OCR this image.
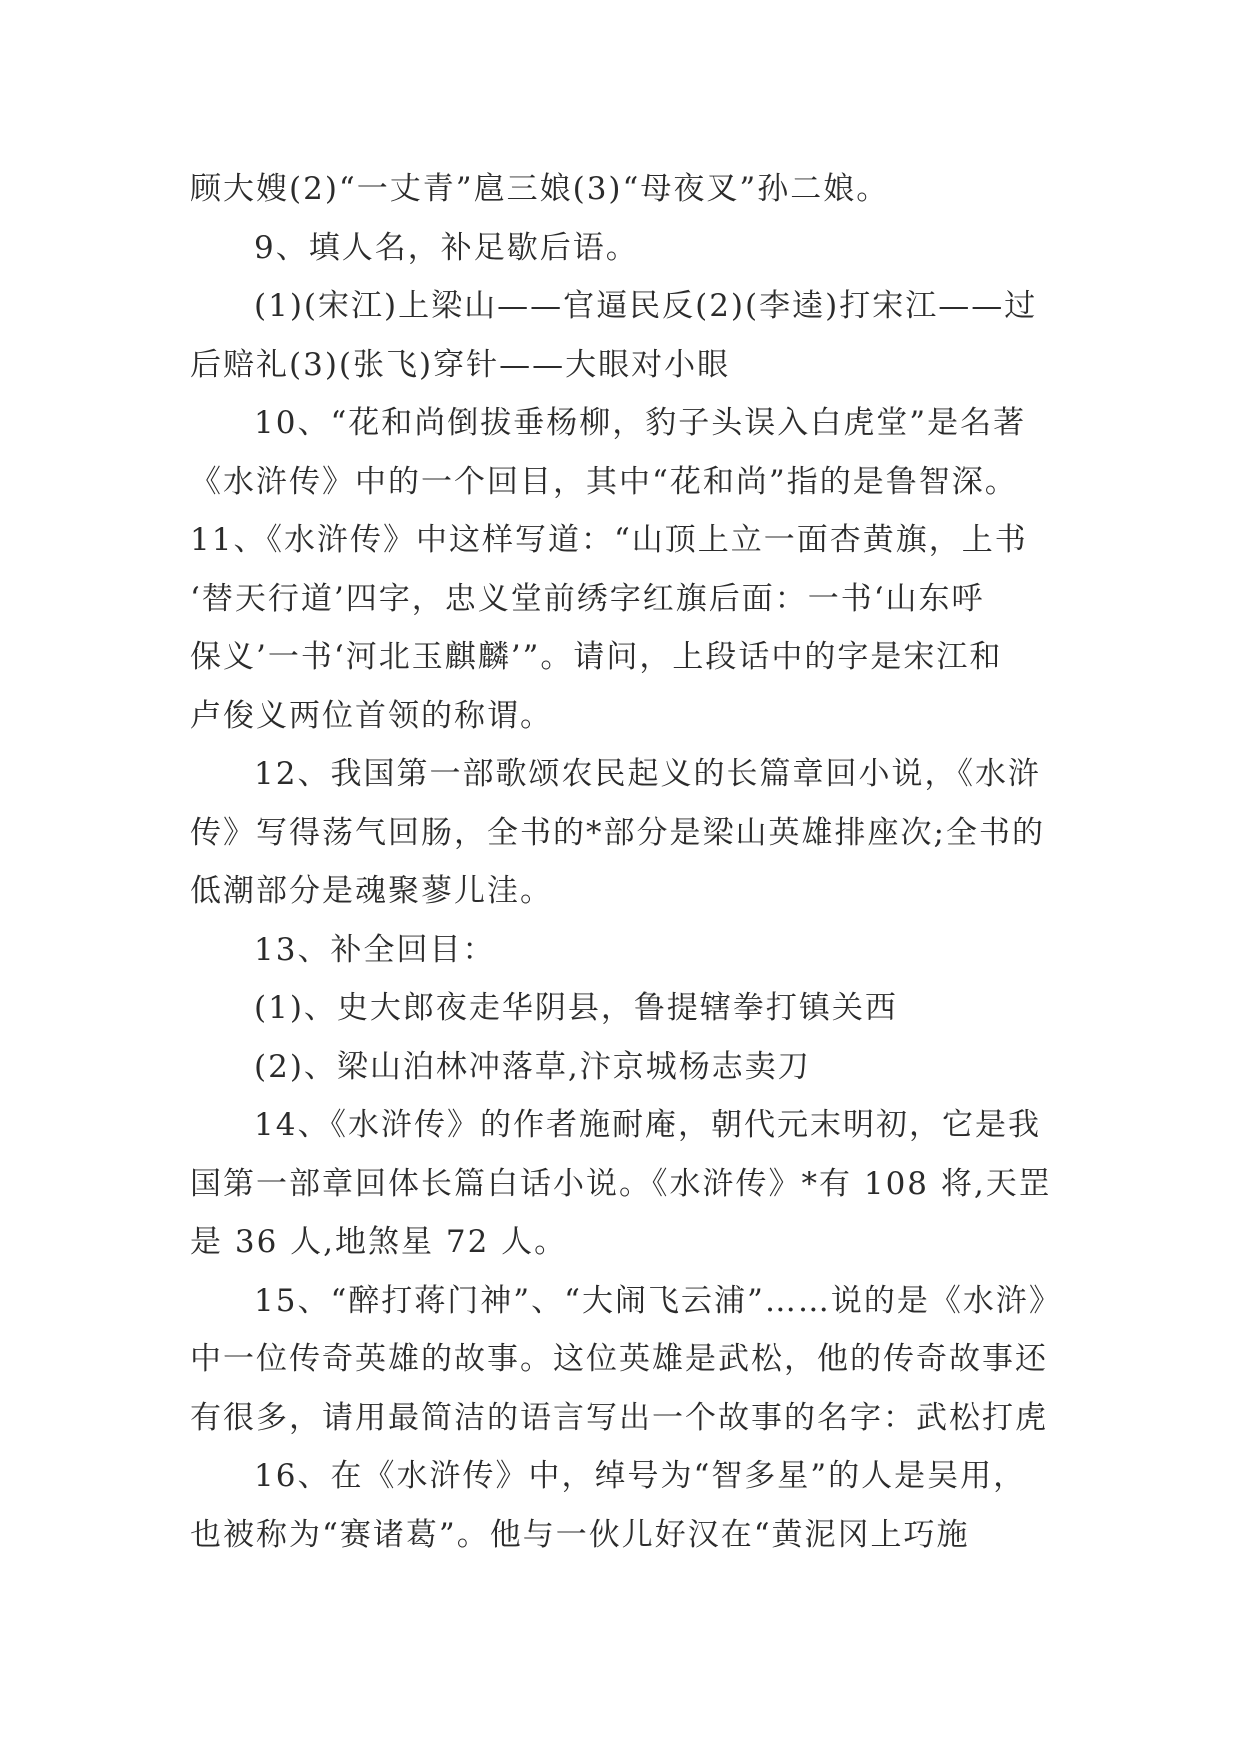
顾大嫂(2)“一丈青”扈三娘(3)“母夜叉”孙二娘。
9、填人名，补足歇后语。
(1)(宋江)上梁山——官逼民反(2)(李逵)打宋江——过
后赔礼(3)(张飞)穿针——大眼对小眼
10、“花和尚倒拔垂杨柳，豹子头误入白虎堂”是名著
《水浒传》中的一个回目，其中“花和尚”指的是鲁智深。
11、《水浒传》中这样写道：“山顶上立一面杏黄旗，上书
‘替天行道’四字，忠义堂前绣字红旗后面：一书‘山东呼
保义’一书‘河北玉麒麟’”。请问，上段话中的字是宋江和
卢俊义两位首领的称谓。
12、我国第一部歌颂农民起义的长篇章回小说，《水浒
传》写得荡气回肠，全书的*部分是梁山英雄排座次;全书的
低潮部分是魂聚蓼儿洼。
13、补全回目：
(1)、史大郎夜走华阴县，鲁提辖拳打镇关西
(2)、梁山泊林冲落草,汴京城杨志卖刀
14、《水浒传》的作者施耐庵，朝代元末明初，它是我
国第一部章回体长篇白话小说。《水浒传》*有 108 将,天罡
是 36 人,地煞星 72 人。
15、“醉打蒋门神”、“大闹飞云浦”……说的是《水浒》
中一位传奇英雄的故事。这位英雄是武松，他的传奇故事还
有很多，请用最简洁的语言写出一个故事的名字：武松打虎
16、在《水浒传》中，绰号为“智多星”的人是吴用，
也被称为“赛诸葛”。他与一伙儿好汉在“黄泥冈上巧施
